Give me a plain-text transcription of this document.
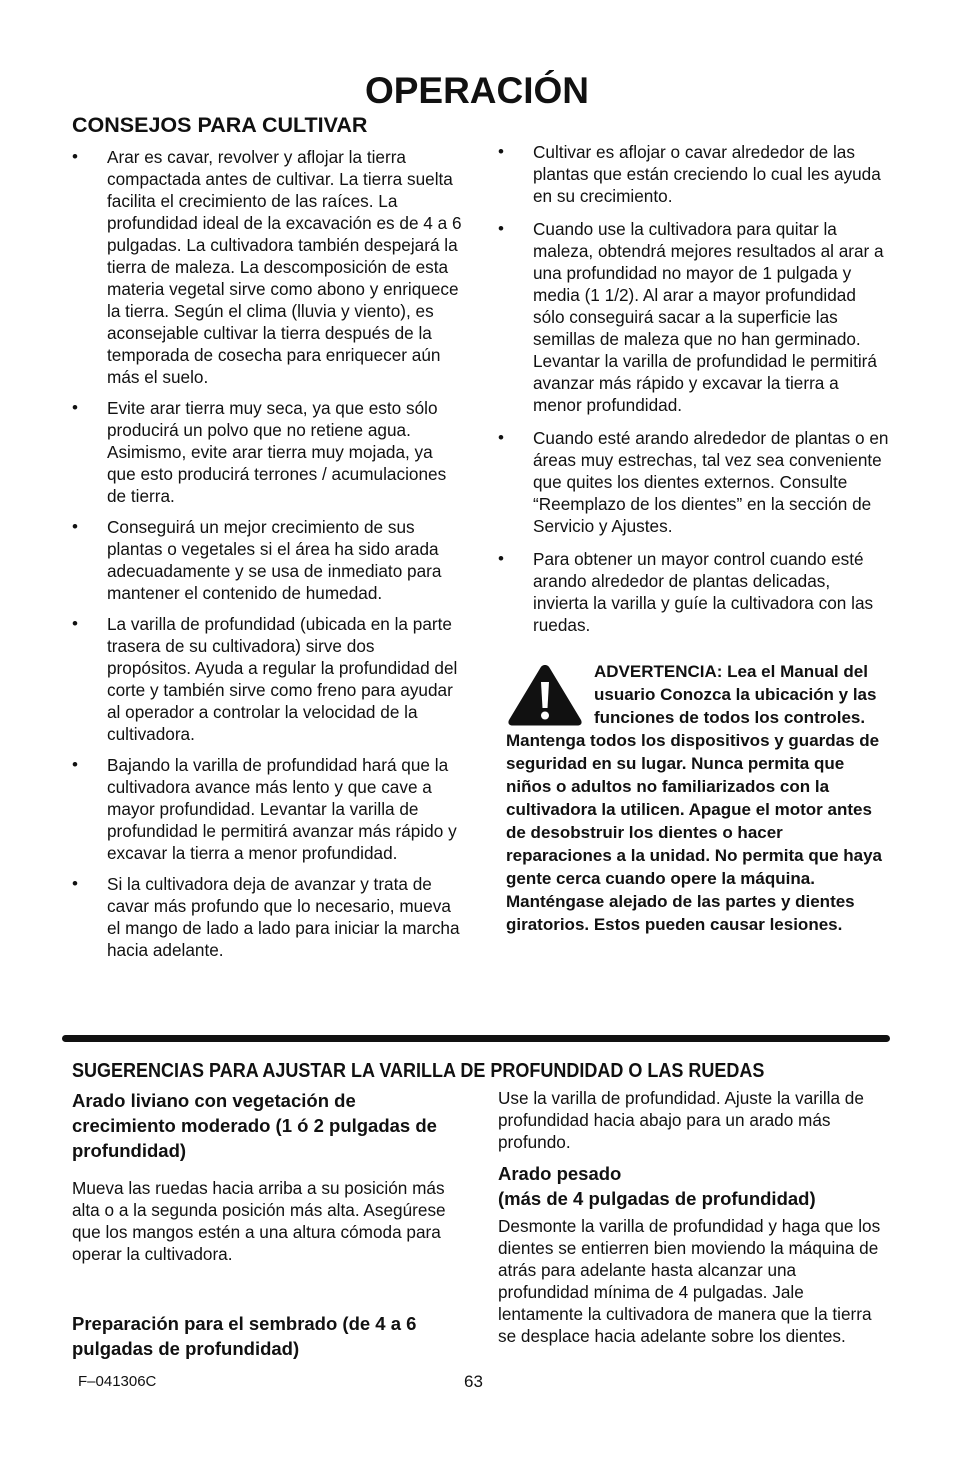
OPERACIÓN
CONSEJOS PARA CULTIVAR
• Arar es cavar, revolver y aflojar la tierra compactada antes de cultivar. La tierra suelta facilita el crecimiento de las raíces. La profundidad ideal de la excavación es de 4 a 6 pulgadas. La cultivadora también despejará la tierra de maleza. La descomposición de esta materia vegetal sirve como abono y enriquece la tierra. Según el clima (lluvia y viento), es aconsejable cultivar la tierra después de la temporada de cosecha para enriquecer aún más el suelo.
• Evite arar tierra muy seca, ya que esto sólo producirá un polvo que no retiene agua. Asimismo, evite arar tierra muy mojada, ya que esto producirá terrones / acumulaciones de tierra.
• Conseguirá un mejor crecimiento de sus plantas o vegetales si el área ha sido arada adecuadamente y se usa de inmediato para mantener el contenido de humedad.
• La varilla de profundidad (ubicada en la parte trasera de su cultivadora) sirve dos propósitos. Ayuda a regular la profundidad del corte y también sirve como freno para ayudar al operador a controlar la velocidad de la cultivadora.
• Bajando la varilla de profundidad hará que la cultivadora avance más lento y que cave a mayor profundidad. Levantar la varilla de profundidad le permitirá avanzar más rápido y excavar la tierra a menor profundidad.
• Si la cultivadora deja de avanzar y trata de cavar más profundo que lo necesario, mueva el mango de lado a lado para iniciar la marcha hacia adelante.
• Cultivar es aflojar o cavar alrededor de las plantas que están creciendo lo cual les ayuda en su crecimiento.
• Cuando use la cultivadora para quitar la maleza, obtendrá mejores resultados al arar a una profundidad no mayor de 1 pulgada y media (1 1/2). Al arar a mayor profundidad sólo conseguirá sacar a la superficie las semillas de maleza que no han germinado. Levantar la varilla de profundidad le permitirá avanzar más rápido y excavar la tierra a menor profundidad.
• Cuando esté arando alrededor de plantas o en áreas muy estrechas, tal vez sea conveniente que quites los dientes externos. Consulte “Reemplazo de los dientes” en la sección de Servicio y Ajustes.
• Para obtener un mayor control cuando esté arando alrededor de plantas delicadas, invierta la varilla y guíe la cultivadora con las ruedas.
ADVERTENCIA: Lea el Manual del usuario Conozca la ubicación y las funciones de todos los controles. Mantenga todos los dispositivos y guardas de seguridad en su lugar. Nunca permita que niños o adultos no familiarizados con la cultivadora la utilicen. Apague el motor antes de desobstruir los dientes o hacer reparaciones a la unidad. No permita que haya gente cerca cuando opere la máquina. Manténgase alejado de las partes y dientes giratorios. Estos pueden causar lesiones.
SUGERENCIAS PARA AJUSTAR LA VARILLA DE PROFUNDIDAD O LAS RUEDAS

Arado liviano con vegetación de crecimiento moderado (1 ó 2 pulgadas de profundidad)

Mueva las ruedas hacia arriba a su posición más alta o a la segunda posición más alta. Asegúrese que los mangos estén a una altura cómoda para operar la cultivadora.

Preparación para el sembrado (de 4 a 6 pulgadas de profundidad)

Use la varilla de profundidad. Ajuste la varilla de profundidad hacia abajo para un arado más profundo.

Arado pesado
(más de 4 pulgadas de profundidad)

Desmonte la varilla de profundidad y haga que los dientes se entierren bien moviendo la máquina de atrás para adelante hasta alcanzar una profundidad mínima de 4 pulgadas. Jale lentamente la cultivadora de manera que la tierra se desplace hacia adelante sobre los dientes.

F–041306C	63
